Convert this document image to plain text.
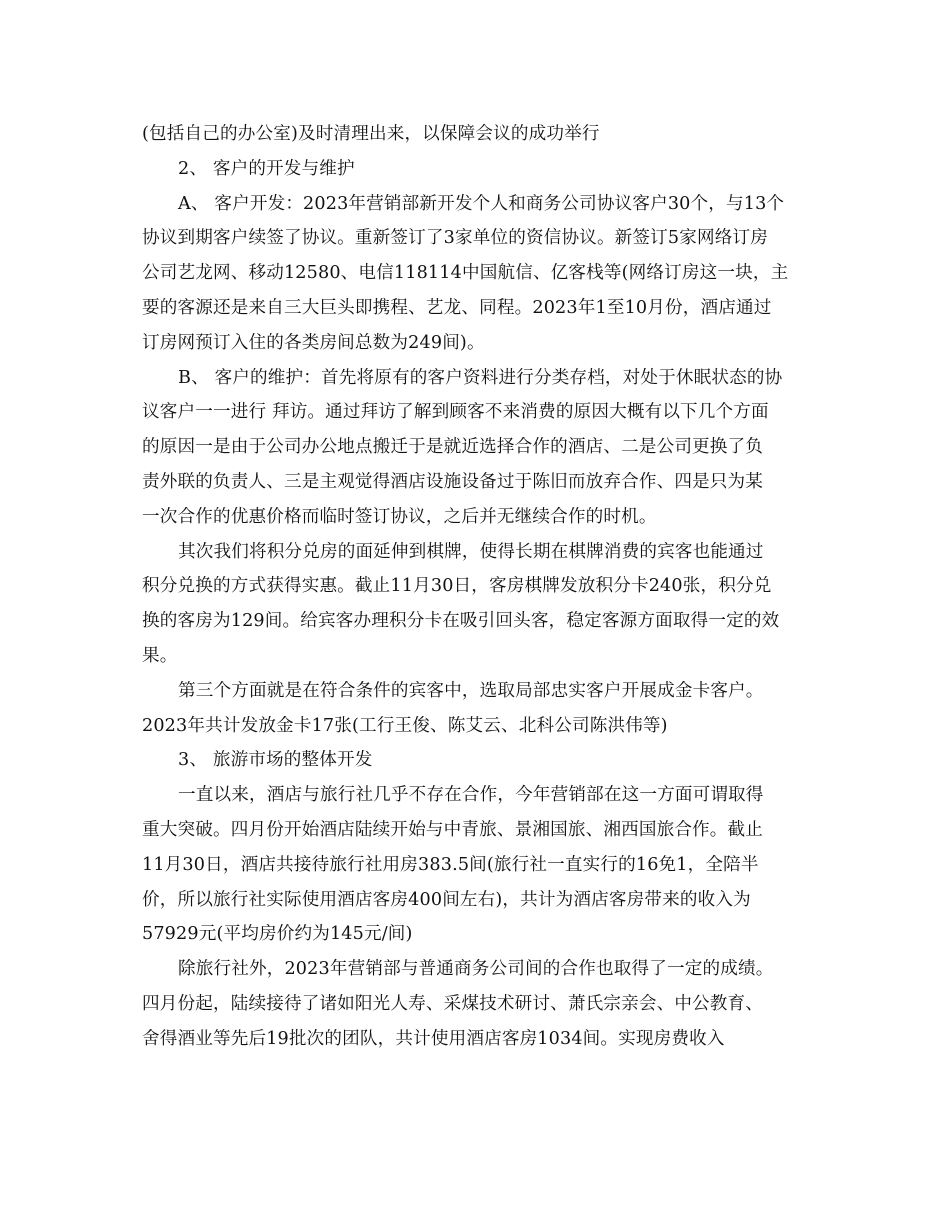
(包括自己的办公室)及时清理出来，以保障会议的成功举行
2、 客户的开发与维护
A、 客户开发：2023年营销部新开发个人和商务公司协议客户30个，与13个
协议到期客户续签了协议。重新签订了3家单位的资信协议。新签订5家网络订房
公司艺龙网、移动12580、电信118114中国航信、亿客栈等(网络订房这一块，主
要的客源还是来自三大巨头即携程、艺龙、同程。2023年1至10月份，酒店通过
订房网预订入住的各类房间总数为249间)。
B、 客户的维护：首先将原有的客户资料进行分类存档，对处于休眠状态的协
议客户一一进行 拜访。通过拜访了解到顾客不来消费的原因大概有以下几个方面
的原因一是由于公司办公地点搬迁于是就近选择合作的酒店、二是公司更换了负
责外联的负责人、三是主观觉得酒店设施设备过于陈旧而放弃合作、四是只为某
一次合作的优惠价格而临时签订协议，之后并无继续合作的时机。
其次我们将积分兑房的面延伸到棋牌，使得长期在棋牌消费的宾客也能通过
积分兑换的方式获得实惠。截止11月30日，客房棋牌发放积分卡240张，积分兑
换的客房为129间。给宾客办理积分卡在吸引回头客，稳定客源方面取得一定的效
果。
第三个方面就是在符合条件的宾客中，选取局部忠实客户开展成金卡客户。
2023年共计发放金卡17张(工行王俊、陈艾云、北科公司陈洪伟等)
3、 旅游市场的整体开发
一直以来，酒店与旅行社几乎不存在合作，今年营销部在这一方面可谓取得
重大突破。四月份开始酒店陆续开始与中青旅、景湘国旅、湘西国旅合作。截止
11月30日，酒店共接待旅行社用房383.5间(旅行社一直实行的16免1，全陪半
价，所以旅行社实际使用酒店客房400间左右)，共计为酒店客房带来的收入为
57929元(平均房价约为145元/间)
除旅行社外，2023年营销部与普通商务公司间的合作也取得了一定的成绩。
四月份起，陆续接待了诸如阳光人寿、采煤技术研讨、萧氏宗亲会、中公教育、
舍得酒业等先后19批次的团队，共计使用酒店客房1034间。实现房费收入
